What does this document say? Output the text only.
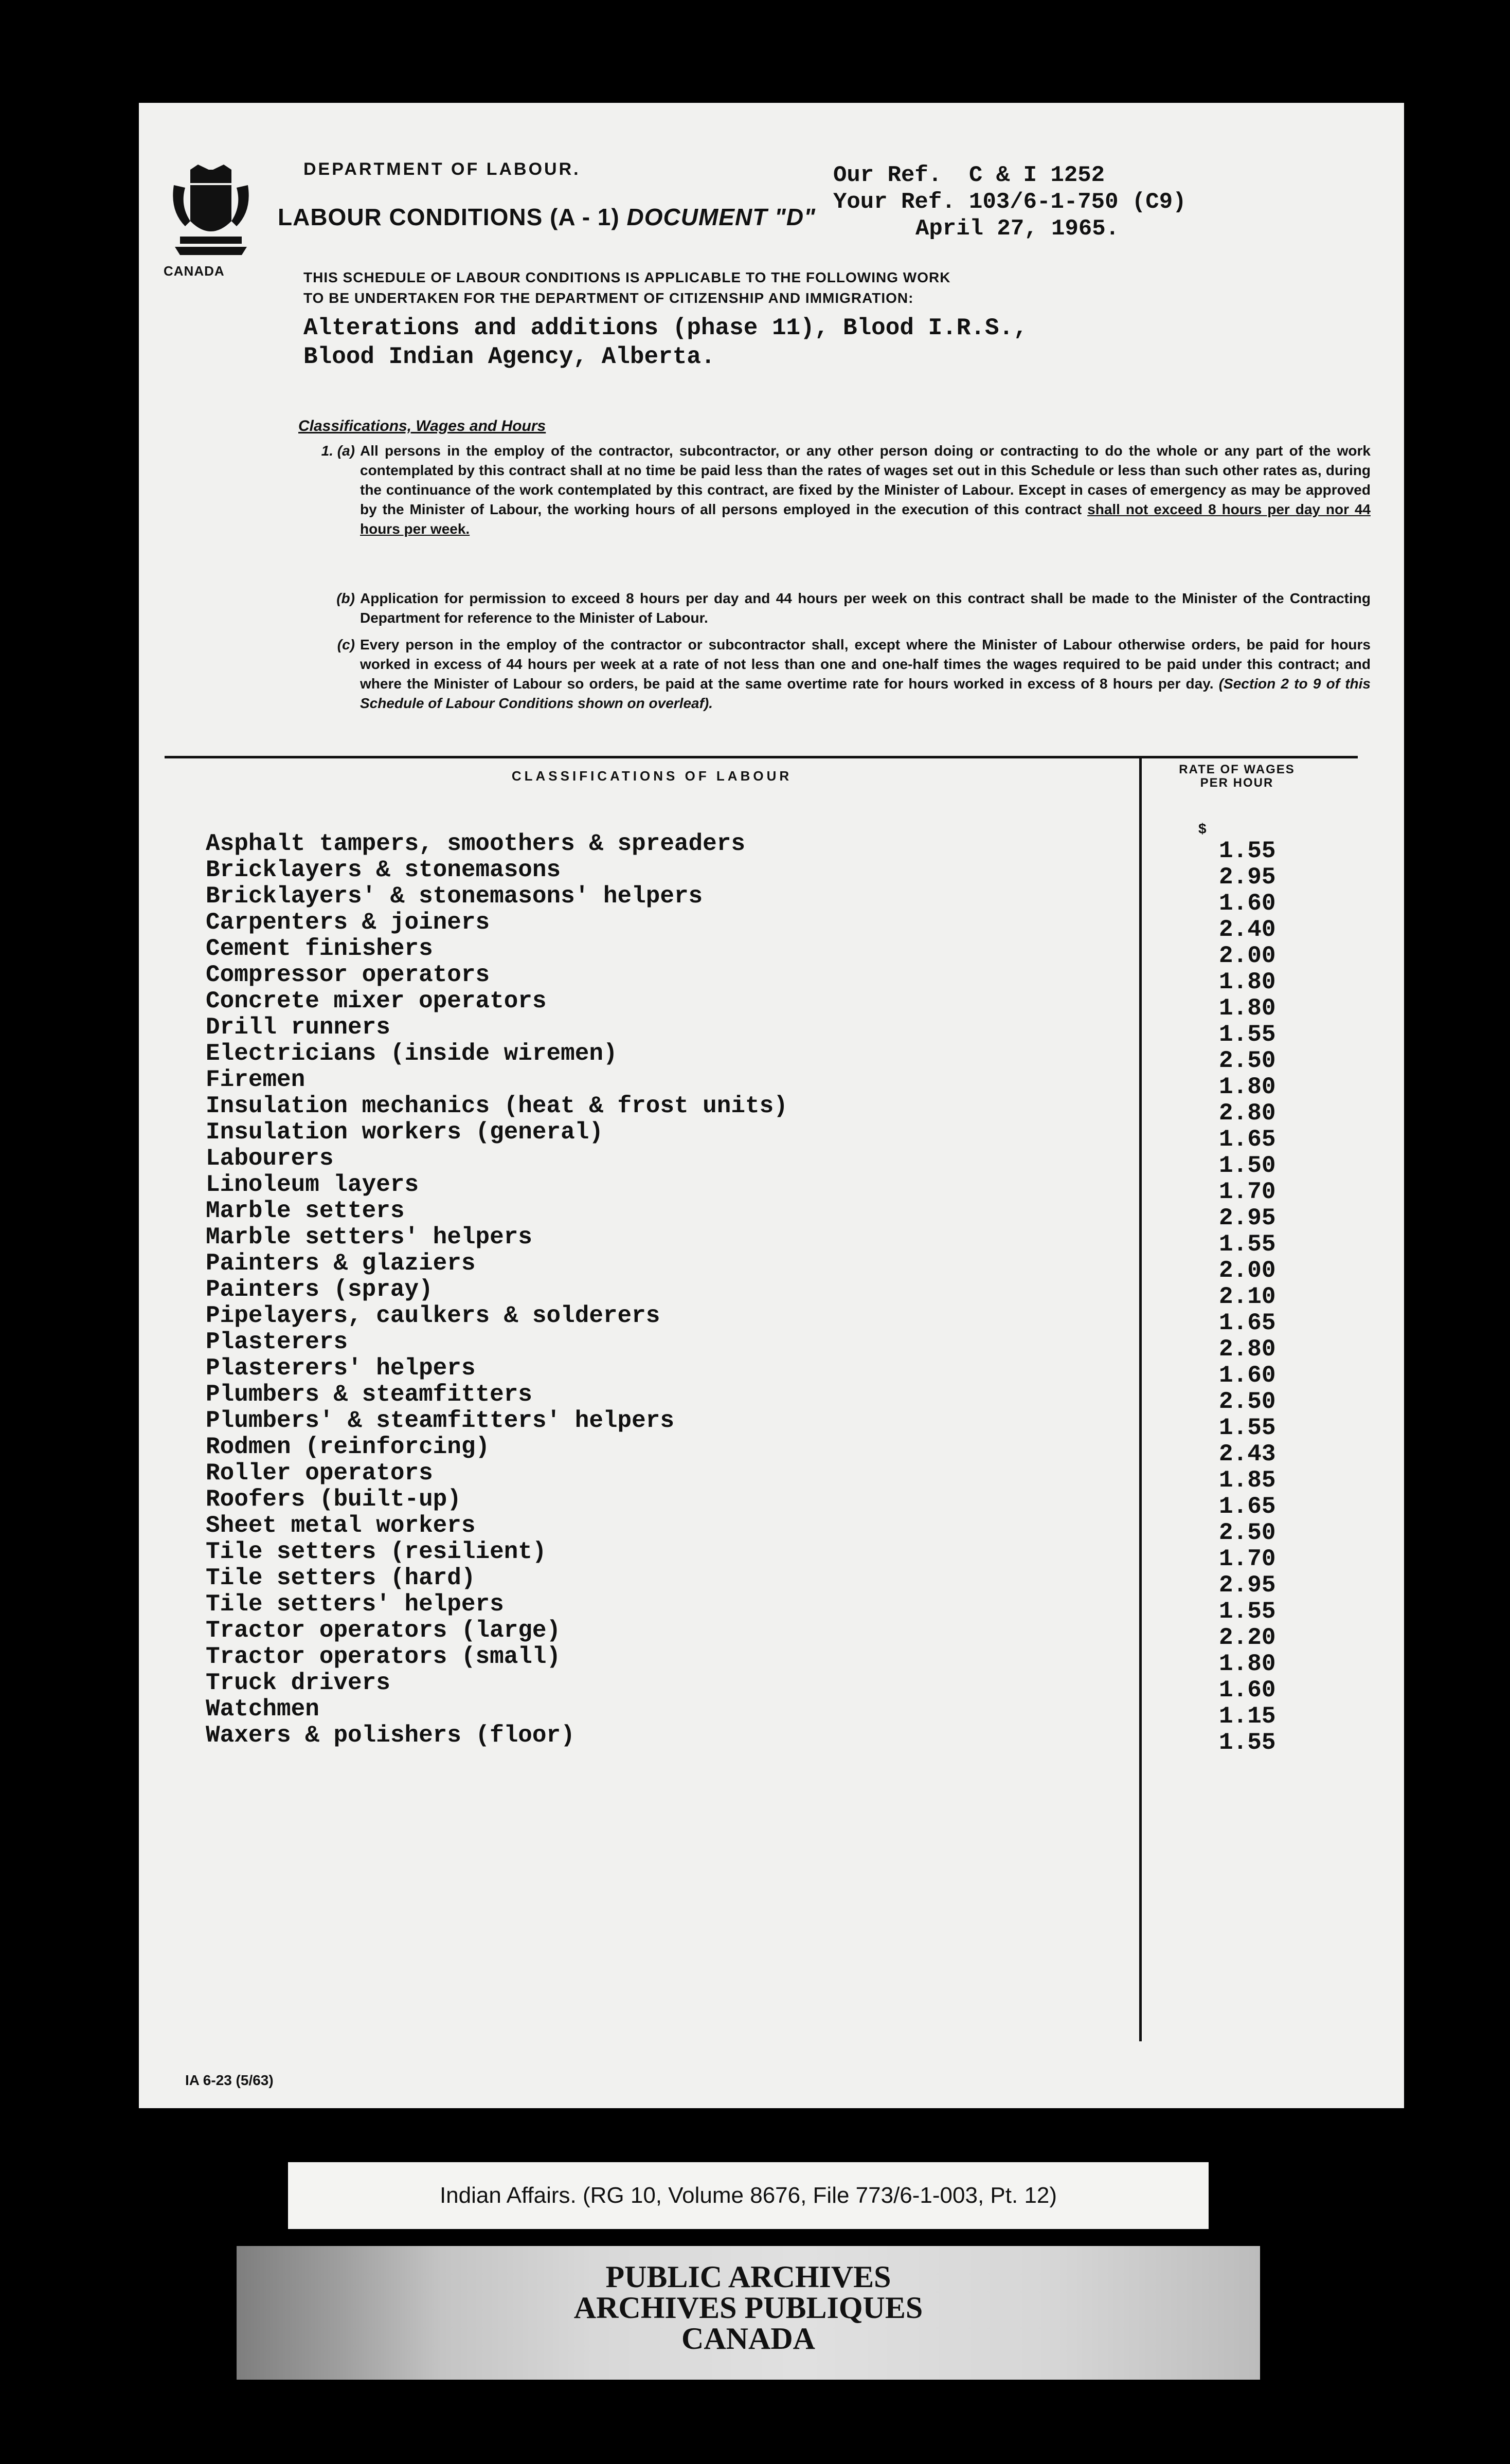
CANADA
DEPARTMENT OF LABOUR.
LABOUR CONDITIONS (A - 1) DOCUMENT "D"
Our Ref.  C & I 1252
Your Ref. 103/6-1-750 (C9)
April 27, 1965.
THIS SCHEDULE OF LABOUR CONDITIONS IS APPLICABLE TO THE FOLLOWING WORK
TO BE UNDERTAKEN FOR THE DEPARTMENT OF CITIZENSHIP AND IMMIGRATION:
Alterations and additions (phase 11), Blood I.R.S.,
Blood Indian Agency, Alberta.
Classifications, Wages and Hours
1. (a) All persons in the employ of the contractor, subcontractor, or any other person doing or contracting to do the whole or any part of the work contemplated by this contract shall at no time be paid less than the rates of wages set out in this Schedule or less than such other rates as, during the continuance of the work contemplated by this contract, are fixed by the Minister of Labour. Except in cases of emergency as may be approved by the Minister of Labour, the working hours of all persons employed in the execution of this contract shall not exceed 8 hours per day nor 44 hours per week.
(b) Application for permission to exceed 8 hours per day and 44 hours per week on this contract shall be made to the Minister of the Contracting Department for reference to the Minister of Labour.
(c) Every person in the employ of the contractor or subcontractor shall, except where the Minister of Labour otherwise orders, be paid for hours worked in excess of 44 hours per week at a rate of not less than one and one-half times the wages required to be paid under this contract; and where the Minister of Labour so orders, be paid at the same overtime rate for hours worked in excess of 8 hours per day. (Section 2 to 9 of this Schedule of Labour Conditions shown on overleaf).
CLASSIFICATIONS OF LABOUR	RATE OF WAGES
PER HOUR
$
Asphalt tampers, smoothers & spreaders
Bricklayers & stonemasons
Bricklayers' & stonemasons' helpers
Carpenters & joiners
Cement finishers
Compressor operators
Concrete mixer operators
Drill runners
Electricians (inside wiremen)
Firemen
Insulation mechanics (heat & frost units)
Insulation workers (general)
Labourers
Linoleum layers
Marble setters
Marble setters' helpers
Painters & glaziers
Painters (spray)
Pipelayers, caulkers & solderers
Plasterers
Plasterers' helpers
Plumbers & steamfitters
Plumbers' & steamfitters' helpers
Rodmen (reinforcing)
Roller operators
Roofers (built-up)
Sheet metal workers
Tile setters (resilient)
Tile setters (hard)
Tile setters' helpers
Tractor operators (large)
Tractor operators (small)
Truck drivers
Watchmen
Waxers & polishers (floor)
1.55
2.95
1.60
2.40
2.00
1.80
1.80
1.55
2.50
1.80
2.80
1.65
1.50
1.70
2.95
1.55
2.00
2.10
1.65
2.80
1.60
2.50
1.55
2.43
1.85
1.65
2.50
1.70
2.95
1.55
2.20
1.80
1.60
1.15
1.55
IA 6-23 (5/63)
Indian Affairs. (RG 10, Volume 8676, File 773/6-1-003, Pt. 12)
PUBLIC ARCHIVES
ARCHIVES PUBLIQUES
CANADA
